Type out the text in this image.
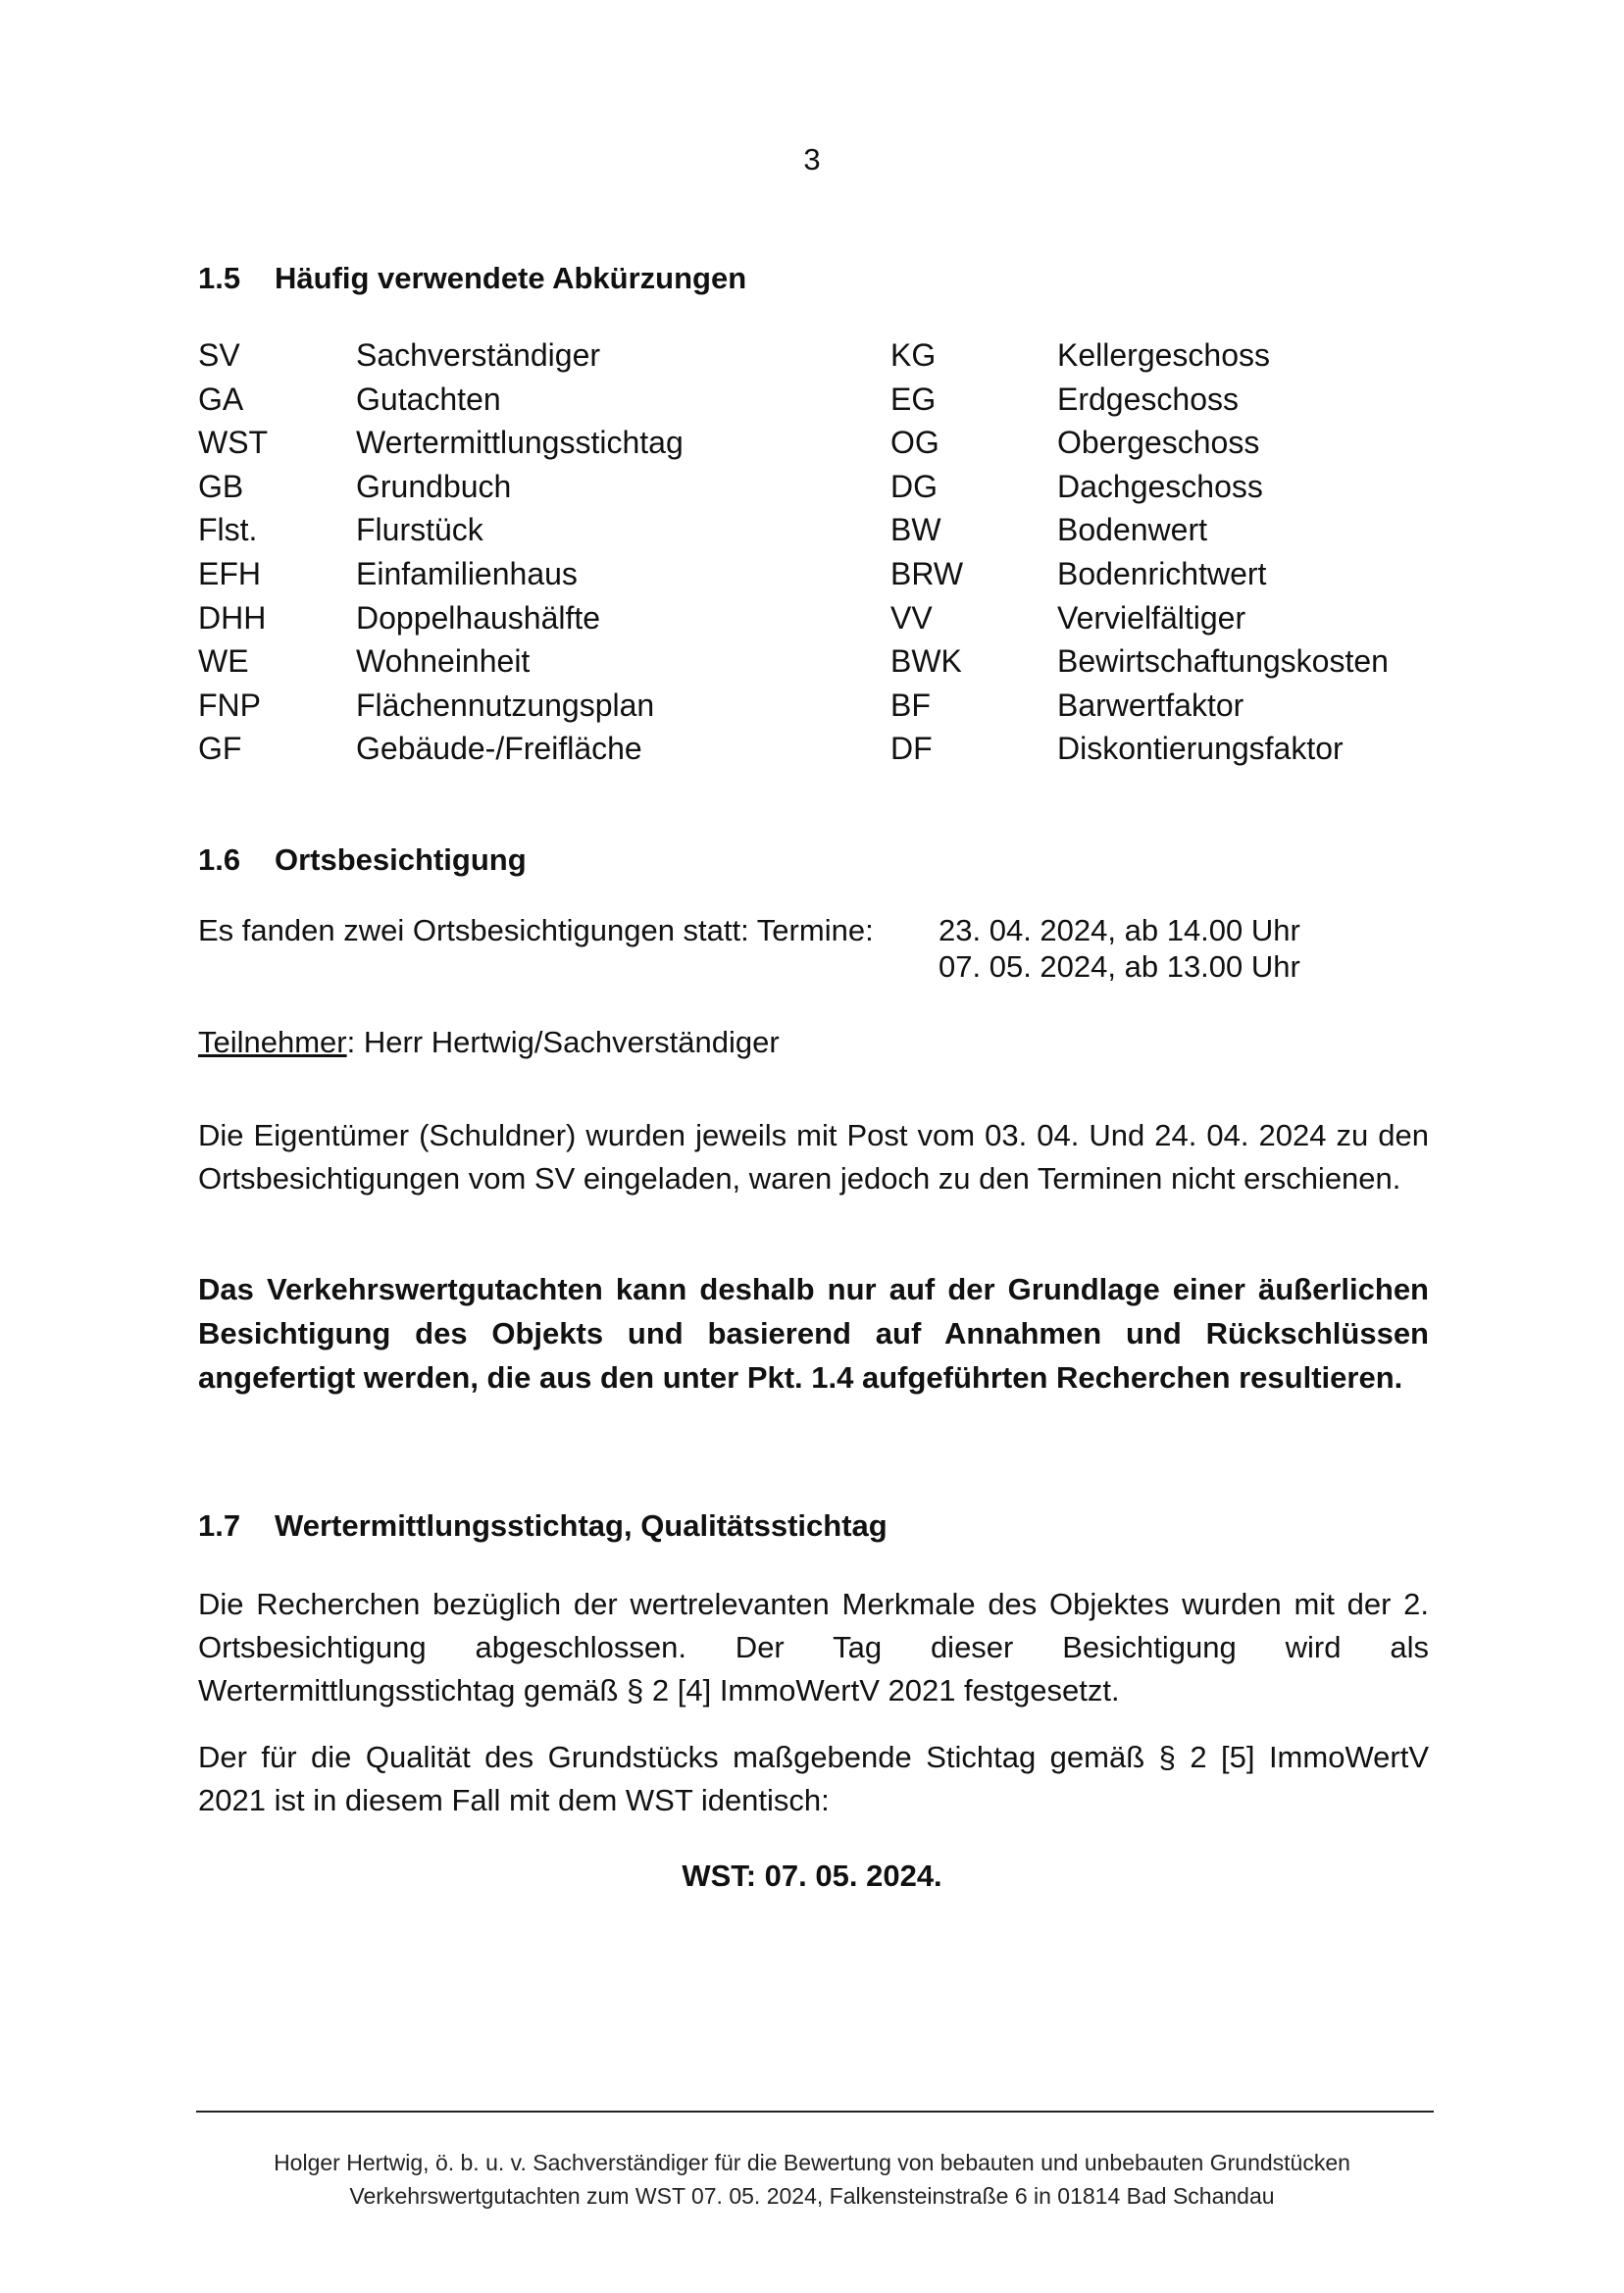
3
1.5	Häufig verwendete Abkürzungen
SV	Sachverständiger	KG	Kellergeschoss
GA	Gutachten	EG	Erdgeschoss
WST	Wertermittlungsstichtag	OG	Obergeschoss
GB	Grundbuch	DG	Dachgeschoss
Flst.	Flurstück	BW	Bodenwert
EFH	Einfamilienhaus	BRW	Bodenrichtwert
DHH	Doppelhaushälfte	VV	Vervielfältiger
WE	Wohneinheit	BWK	Bewirtschaftungskosten
FNP	Flächennutzungsplan	BF	Barwertfaktor
GF	Gebäude-/Freifläche	DF	Diskontierungsfaktor
1.6	Ortsbesichtigung
Es fanden zwei Ortsbesichtigungen statt: Termine: 23. 04. 2024, ab 14.00 Uhr
07. 05. 2024, ab 13.00 Uhr
Teilnehmer: Herr Hertwig/Sachverständiger
Die Eigentümer (Schuldner) wurden jeweils mit Post vom 03. 04. Und 24. 04. 2024 zu den Ortsbesichtigungen vom SV eingeladen, waren jedoch zu den Terminen nicht erschienen.
Das Verkehrswertgutachten kann deshalb nur auf der Grundlage einer äußerlichen Besichtigung des Objekts und basierend auf Annahmen und Rückschlüssen angefertigt werden, die aus den unter Pkt. 1.4 aufgeführten Recherchen resultieren.
1.7	Wertermittlungsstichtag, Qualitätsstichtag
Die Recherchen bezüglich der wertrelevanten Merkmale des Objektes wurden mit der 2. Ortsbesichtigung abgeschlossen. Der Tag dieser Besichtigung wird als Wertermittlungsstichtag gemäß § 2 [4] ImmoWertV 2021 festgesetzt.
Der für die Qualität des Grundstücks maßgebende Stichtag gemäß § 2 [5] ImmoWertV 2021 ist in diesem Fall mit dem WST identisch:
WST: 07. 05. 2024.
Holger Hertwig, ö. b. u. v. Sachverständiger für die Bewertung von bebauten und unbebauten Grundstücken
Verkehrswertgutachten zum WST 07. 05. 2024, Falkensteinstraße 6 in 01814 Bad Schandau
